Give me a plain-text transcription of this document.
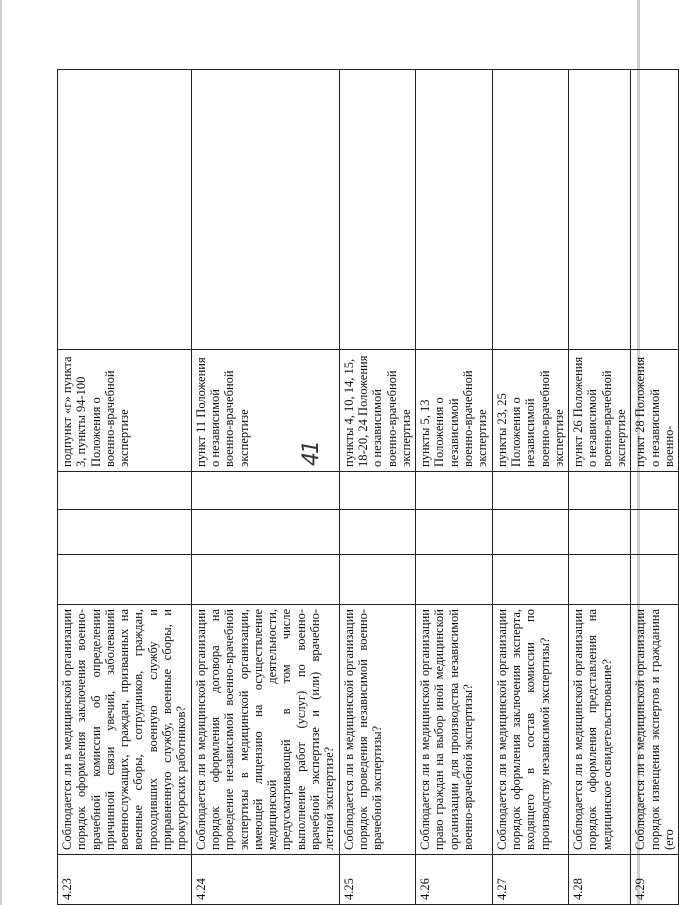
41
4.23	Соблюдается ли в медицинской организации порядок оформления заключения военно-врачебной комиссии об определении причинной связи увечий, заболеваний военнослужащих, граждан, призванных на военные сборы, сотрудников, граждан, проходивших военную службу и приравненную службу, военные сборы, и прокурорских работников?				подпункт «г» пункта 3, пункты 94-100 Положения о военно-врачебной экспертизе	
4.24	Соблюдается ли в медицинской организации порядок оформления договора на проведение независимой военно-врачебной экспертизы в медицинской организации, имеющей лицензию на осуществление медицинской деятельности, предусматривающей в том числе выполнение работ (услуг) по военно-врачебной экспертизе и (или) врачебно-летной экспертизе?				пункт 11 Положения о независимой военно-врачебной экспертизе	
4.25	Соблюдается ли в медицинской организации порядок проведения независимой военно-врачебной экспертизы?				пункты 4, 10, 14, 15, 18-20, 24 Положения о независимой военно-врачебной экспертизе	
4.26	Соблюдается ли в медицинской организации право граждан на выбор иной медицинской организации для производства независимой военно-врачебной экспертизы?				пункты 5, 13 Положения о независимой военно-врачебной экспертизе	
4.27	Соблюдается ли в медицинской организации порядок оформления заключения эксперта, входящего в состав комиссии по производству независимой экспертизы?				пункты 23, 25 Положения о независимой военно-врачебной экспертизе	
4.28	Соблюдается ли в медицинской организации порядок оформления представления на медицинское освидетельствование?				пункт 26 Положения о независимой военно-врачебной экспертизе	
4.29	Соблюдается ли в медицинской организации порядок извещения экспертов и гражданина (его				пункт 28 Положения о независимой военно-	
